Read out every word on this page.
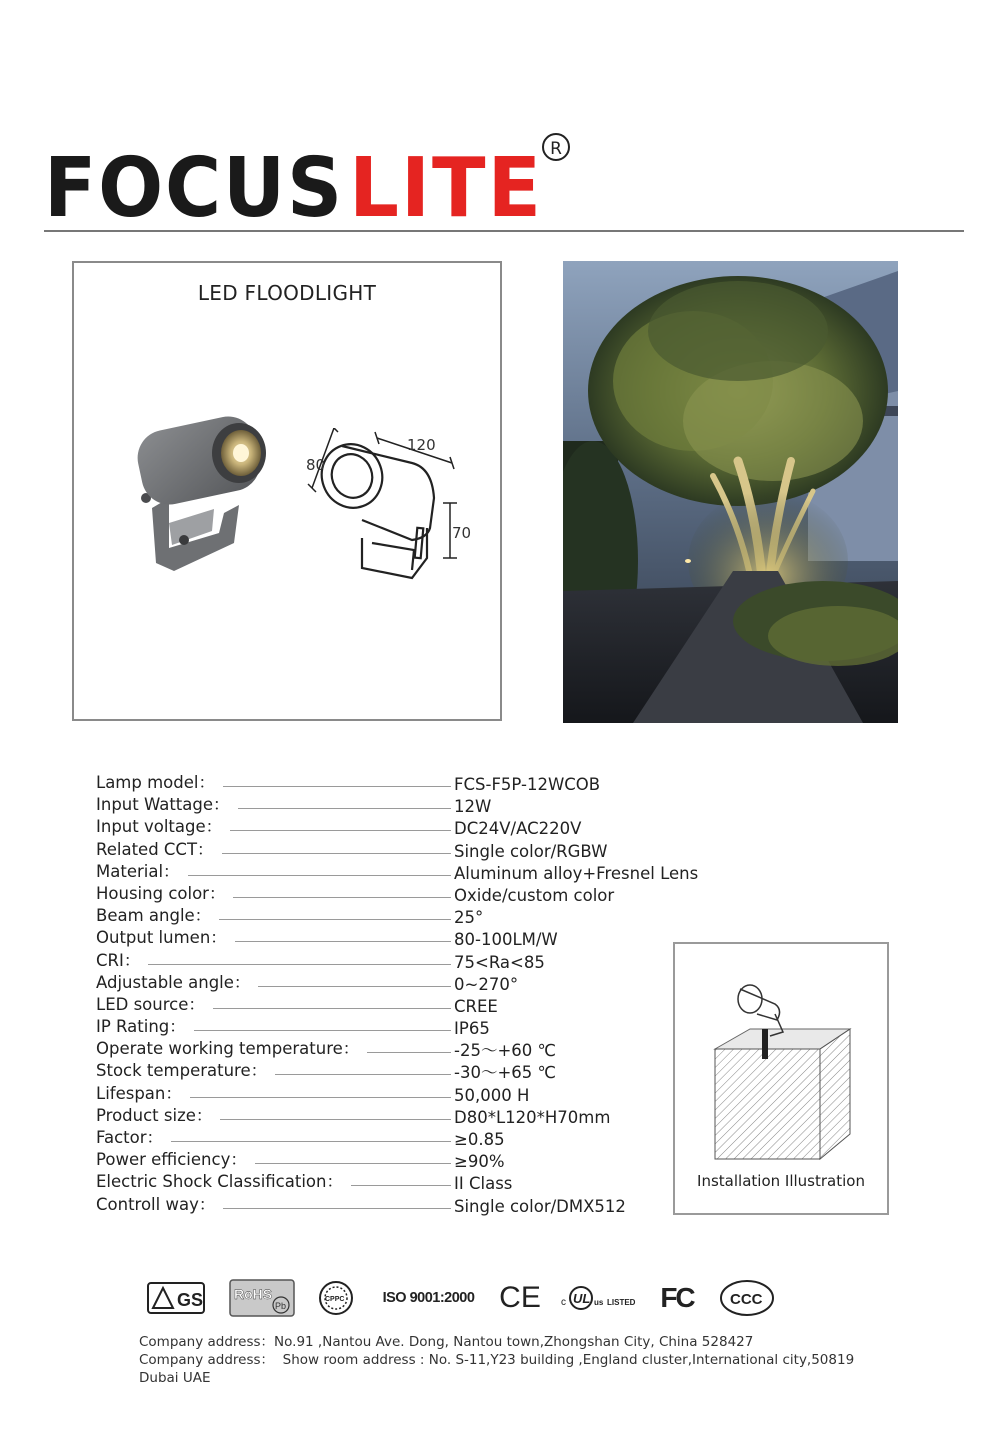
FOCUS LITE R
LED FLOODLIGHT
80
120
70
Lamp model：	FCS-F5P-12WCOB
Input Wattage：	12W
Input voltage：	DC24V/AC220V
Related CCT：	Single color/RGBW
Material：	Aluminum alloy+Fresnel Lens
Housing color：	Oxide/custom color
Beam angle：	25°
Output lumen：	80-100LM/W
CRI：	75<Ra<85
Adjustable angle：	0~270°
LED source：	CREE
IP Rating：	IP65
Operate working temperature：	-25～+60 ℃
Stock temperature：	-30～+65 ℃
Lifespan：	50,000 H
Product size：	D80*L120*H70mm
Factor：	≥0.85
Power efficiency：	≥90%
Electric Shock Classification：	II Class
Controll way：	Single color/DMX512
Installation Illustration
GS RoHS
Pb
CPPC	ISO 9001:2000 CE c UL us LISTED FC CCC
Company address：No.91 ,Nantou Ave. Dong, Nantou town,Zhongshan City, China 528427
Company address：  Show room address : No. S-11,Y23 building ,England cluster,International city,50819 Dubai UAE
